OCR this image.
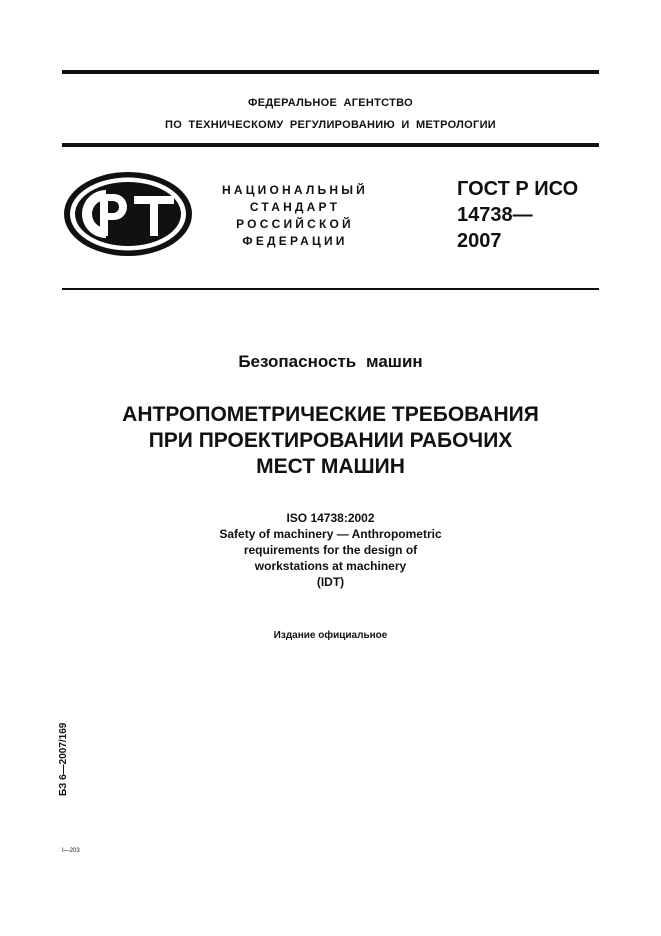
ФЕДЕРАЛЬНОЕ АГЕНТСТВО
ПО ТЕХНИЧЕСКОМУ РЕГУЛИРОВАНИЮ И МЕТРОЛОГИИ
НАЦИОНАЛЬНЫЙ
СТАНДАРТ
РОССИЙСКОЙ
ФЕДЕРАЦИИ
ГОСТ Р ИСО
14738—
2007
Безопасность машин
АНТРОПОМЕТРИЧЕСКИЕ ТРЕБОВАНИЯ
ПРИ ПРОЕКТИРОВАНИИ РАБОЧИХ
МЕСТ МАШИН
ISO 14738:2002
Safety of machinery — Anthropometric
requirements for the design of
workstations at machinery
(IDT)
Издание официальное
БЗ 6—2007/169
I—203
